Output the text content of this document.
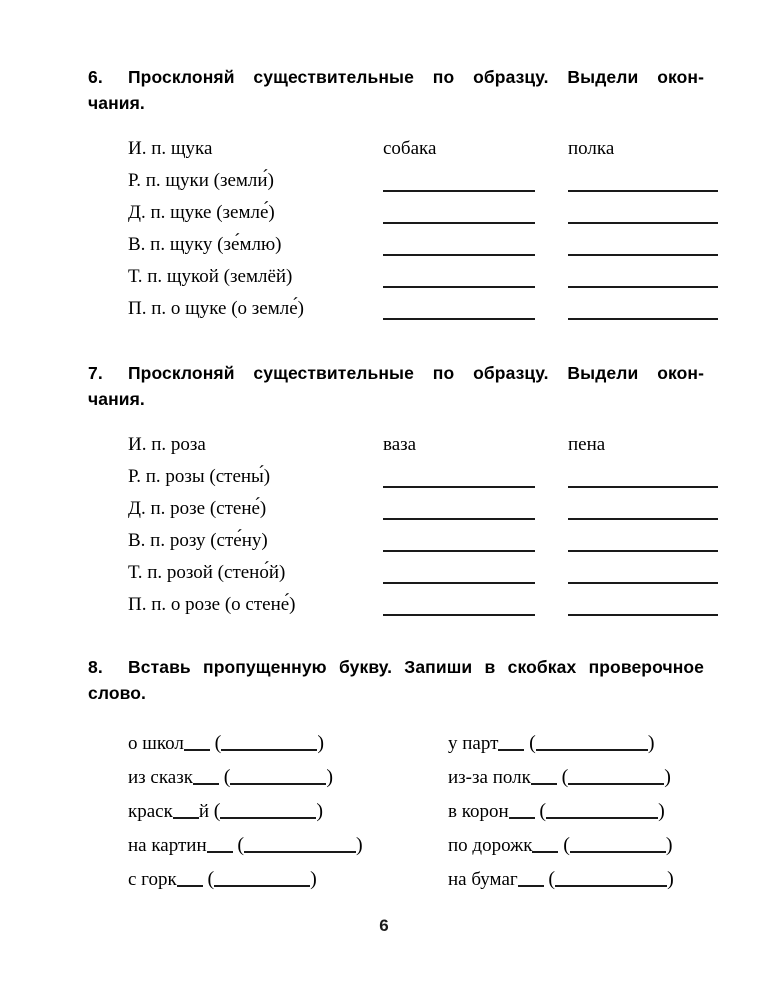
6. Просклоняй существительные по образцу. Выдели окон-
чания.
И. п. щука	собака	полка
Р. п. щуки (земли́)
Д. п. щуке (земле́)
В. п. щуку (зе́млю)
Т. п. щукой (землёй)
П. п. о щуке (о земле́)
7. Просклоняй существительные по образцу. Выдели окон-
чания.
И. п. роза	ваза	пена
Р. п. розы (стены́)
Д. п. розе (стене́)
В. п. розу (сте́ну)
Т. п. розой (стено́й)
П. п. о розе (о стене́)
8. Вставь пропущенную букву. Запиши в скобках проверочное
слово.
о школ (	)	у парт (	)
из сказк (	)	из-за полк (	)
краск й (	)	в корон (	)
на картин (	)	по дорожк (	)
с горк (	)	на бумаг (	)
6
